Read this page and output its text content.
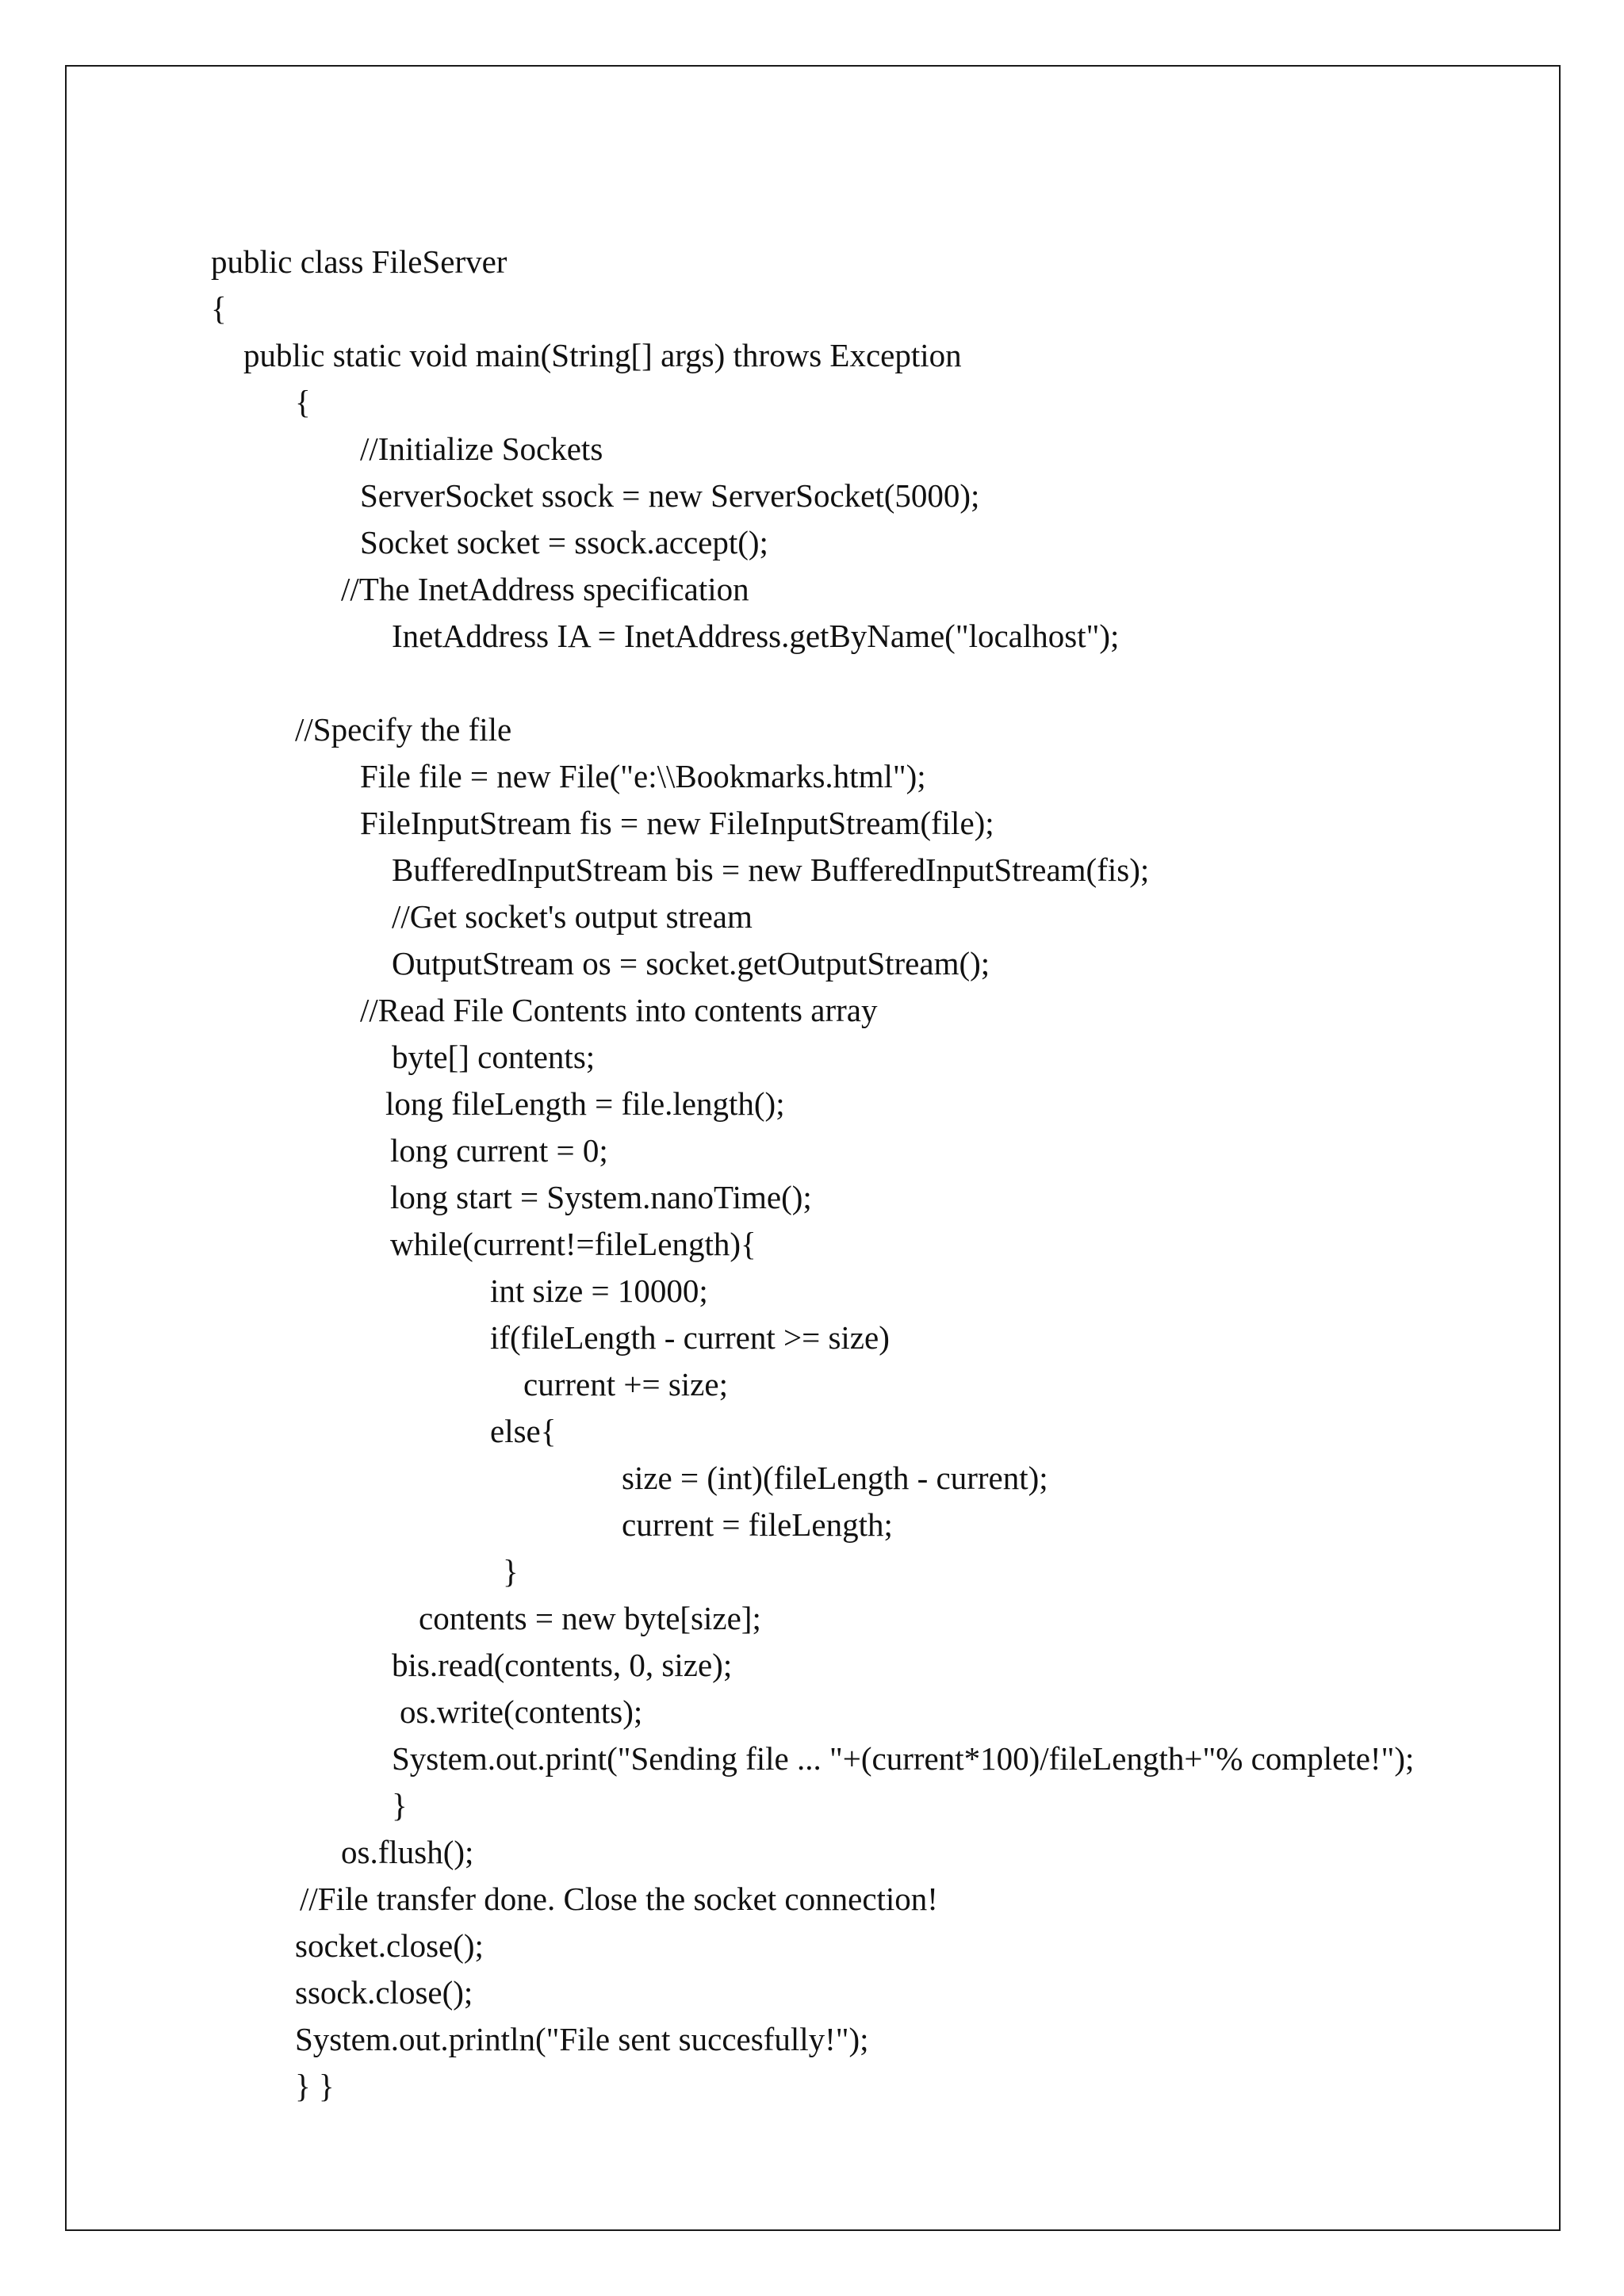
public class FileServer

{

public static void main(String[] args) throws Exception

{

//Initialize Sockets

ServerSocket ssock = new ServerSocket(5000);

Socket socket = ssock.accept();

//The InetAddress specification

InetAddress IA = InetAddress.getByName("localhost");

//Specify the file

File file = new File("e:\\Bookmarks.html");

FileInputStream fis = new FileInputStream(file);

BufferedInputStream bis = new BufferedInputStream(fis);

//Get socket's output stream

OutputStream os = socket.getOutputStream();

//Read File Contents into contents array

byte[] contents;

long fileLength = file.length();

long current = 0;

long start = System.nanoTime();

while(current!=fileLength){

int size = 10000;

if(fileLength - current >= size)

current += size;

else{

size = (int)(fileLength - current);

current = fileLength;

}

contents = new byte[size];

bis.read(contents, 0, size);

os.write(contents);

System.out.print("Sending file ... "+(current*100)/fileLength+"% complete!");

}

os.flush();

//File transfer done. Close the socket connection!

socket.close();

ssock.close();

System.out.println("File sent succesfully!");

} }
